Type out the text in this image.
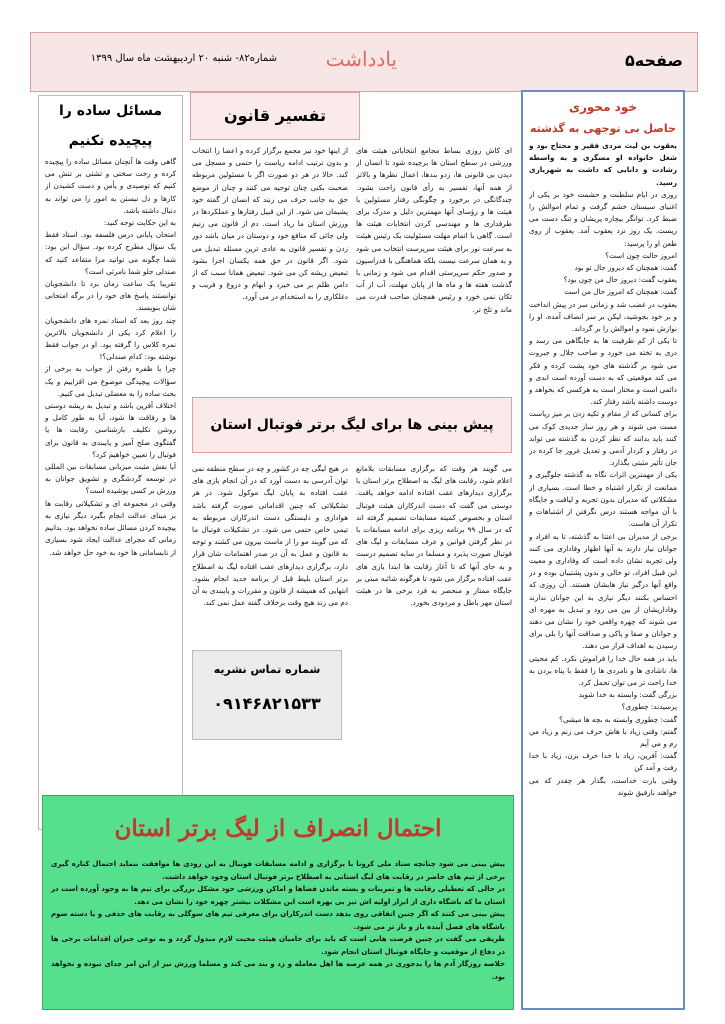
صفحه۵
یادداشت
شماره۸۲- شنبه ۲۰ اردیبهشت ماه سال ۱۳۹۹
مسائل ساده را
پیچیده نکنیم

گاهی وقت ها آنچنان مسائل ساده را پیچیده کرده و رخت سختی و تشتی بر تنش می کنیم که توصیدی و یأس و دست کشیدن از کارها و دل نبستن به امور را می تواند به دنبال داشته باشد.

به این حکایت توجه کنید:

امتحان پایانی درس فلسفه بود. استاد فقط یک سؤال مطرح کرده بود. سؤال این بود: شما چگونه می توانید مرا متقاعد کنید که صندلی جلو شما نامرئی است؟

تقریبا یک ساعت زمان برد تا دانشجویان توانستند پاسخ های خود را در برگه امتحانی شان بنویسند.

چند روز بعد که استاد نمره های دانشجویان را اعلام کرد یکی از دانشجویان بالاترین نمره کلاس را گرفته بود. او در جواب فقط نوشته بود: کدام صندلی؟!

چرا با ظفره رفتن از جواب به برخی از سؤالات پیچیدگی موضوع می افزاییم و یک بحث ساده را به معضلی تبدیل می کنیم.

اختلاف آفرین باشد و تبدیل به ریشه دوستی ها و رفاقت ها شود، آیا به طور کامل و روشن تکلیف بازشناسی رقابت ها یا گفتگوی صلح آمیز و پایبندی به قانون برای فوتبال را تعیین خواهیم کرد؟

آیا نقش مثبت میزبانی مسابقات بین المللی در توسعه گردشگری و تشویق جوانان به ورزش بر کسی پوشیده است؟

وقتی در مجموعه ای و تشکیلاتی رقابت ها بر مبنای عدالت انجام بگیرد دیگر نیازی به پیچیده کردن مسائل ساده نخواهد بود. بدانیم زمانی که مجرای عدالت ایجاد شود بسیاری از نابسامانی ها خود به خود حل خواهد شد.

تفسیر قانون
ای کاش روزی بساط مجامع انتخاباتی هیئت های ورزشی در سطح استان ها برچیده شود تا انسان از دیدن بی قانونی ها، زدو بندها، اعمال نظرها و بالاتر از همه آنها، تفسیر به رأی قانون راحت بشود. چندگانگی در برخورد و چگونگی رفتار مسئولین با هیئت ها و رؤسای آنها مهمترین دلیل و مدرک برای طرفداری ها و مهندسی کردن انتخابات هیئت ها است. گاهی با اتمام مهلت مسئولیت یک رئیس هیئت به سرعت نور برای هیئت سرپرست انتخاب می شود و به همان سرعت نیست بلکه هماهنگی با فدراسیون و صدور حکم سرپرستی اقدام می شود و زمانی با گذشت هفته ها و ماه ها از پایان مهلت، آب از آب تکان نمی خورد و رئیس همچنان صاحب قدرت می ماند و تلخ تر.
از اینها خود نیز مجمع برگزار کرده و اعضا را انتخاب و بدون ترتیب ادامه ریاست را حتمی و مسجل می کند. حالا در هر دو صورت اگر با مسئولین مربوطه صحبت بکنی چنان توجیه می کنند و چنان از موضع حق به جانب حرف می زنند که انسان از گفته خود پشیمان می شود. از این قبیل رفتارها و عملکردها در ورزش استان ما زیاد است. دم از قانون می زنیم ولی جائی که منافع خود و دوستان در میان باشد دور زدن و تفسیر قانون به عادی ترین مسئله تبدیل می شود. اگر قانون در حق همه یکسان اجرا بشود تبعیض ریشه کن می شود. تبعیض همانا سبب که از دامن ظلم بر می خیزد و ابهام و دروغ و فریب و دغلکاری را به استخدام در می آورد.
پیش بینی ها برای لیگ برتر فوتبال استان
می گویند هر وقت که برگزاری مسابقات بلامانع اعلام شود، رقابت های لیگ به اصطلاح برتر استان با برگزاری دیدارهای عقب افتاده ادامه خواهد یافت. دوستی می گفت که دست اندرکاران هیئت فوتبال استان و بخصوص کمیته مسابقات تصمیم گرفته اند که در سال ۹۹ برنامه ریزی برای ادامه مسابقات با در نظر گرفتن قوانین و عرف مسابقات و لیگ های فوتبال صورت پذیرد و مسلما در سایه تصمیم درست و به جای آنها که تا آغاز رقابت ها ابتدا بازی های عقب افتاده برگزار می شود تا هرگونه شائبه مبنی بر جایگاه ممتاز و منحصر به فرد برخی ها در هیئت استان مهر باطل و مردودی بخورد.
در هیچ لیگی چه در کشور و چه در سطح منطقه نمی توان آدرسی به دست آورد که در آن انجام بازی های عقب افتاده به پایان لیگ موکول شود. در هر تشکیلاتی که چنین اقداماتی صورت گرفته باشد هواداری و دلبستگی دست اندرکاران مربوطه به تیمی خاص حتمی می شود. در تشکیلات فوتبال ما که می گویند مو را از ماست بیرون می کشند و توجه به قانون و عمل به آن در صدر اهتمامات شان قرار دارد، برگزاری دیدارهای عقب افتاده لیگ به اصطلاح برتر استان بلیط قبل از برنامه جدید انجام بشود. انتهایی که همیشه از قانون و مقررات و پایبندی به آن دم می زند هیچ وقت برخلاف گفته عمل نمی کند.
شماره تماس نشریه
۰۹۱۴۶۸۲۱۵۳۳
خود محوری
حاصل بی توجهی به گذشته
یعقوب بن لیث مردی فقیر و محتاج بود و شغل خانواده او مسگری و به واسطه رشادت و دانایی که داشت به شهریاری رسید.

روزی در ایام سلطنت و حشمت خود بر یکی از اغنیای سیستان خشم گرفت و تمام اموالش را ضبط کرد. توانگر بیچاره پریشان و تنگ دست می زیست. یک روز نزد یعقوب آمد. یعقوب از روی طعن او را پرسید:

امروز حالت چون است؟

گفت: همچنان که دیروز حال تو بود

یعقوب گفت: دیروز حال من چون بود؟

گفت: همچنان که امروز حال من است

یعقوب در غضب شد و زمانی سر در پیش انداخت و بر خود بجوشید، لیکن بر سر انصاف آمده، او را نوازش نمود و اموالش را بر گرداند.

تا یکی از کم ظرفیت ها به جایگاهی می رسد و دری به تخته می خورد و صاحب جلال و جبروت می شود بر گذشته های خود پشت کرده و فکر می کند موقعیتی که به دست آورده است ابدی و دائمی است و مختار است به هرکسی که بخواهد و دوست داشته باشد رفتار کند.

برای کسانی که از مقام و تکیه زدن بر میز ریاست مست می شوند و هر روز ساز جدیدی کوک می کنند باید بدانند که نظر کردن به گذشته می تواند در رفتار و کردار آدمی و تعدیل غرور جا کرده در جان تأثیر مثبتی بگذارد.

یکی از مهمترین اثرات نگاه به گذشته جلوگیری و ممانعت از تکرار اشتباه و خطا است. بسیاری از مشکلاتی که مدیران بدون تجربه و لیاقت و جایگاه با آن مواجه هستند درس نگرفتن از اشتباهات و تکرار آن هاست.

برخی از مدیران بی اعتنا به گذشته، تا به افراد و جوانان نیاز دارند به آنها اظهار وفاداری می کنند ولی تجربه نشان داده است که وفاداری و معیت این قبیل افراد، تو خالی و بدون پشتیبان بوده و در واقع آنها درگیر نیاز هایشان هستند. آن روزی که احساس بکنند دیگر نیازی به این جوانان ندارند وفاداریشان از بین می رود و تبدیل به مهره ای می شوند که چهره واقعی خود را نشان می دهند و جوانان و صفا و پاکی و صداقت آنها را بلی برای رسیدن به اهداف قرار می دهند.

باید در همه حال خدا را فراموش نکرد. کم محبتی ها، ناشادی ها و نامردی ها را فقط با پناه بردن به خدا راحت تر می توان تحمل کرد.

بزرگی گفت: وابسته به خدا شوید

پرسیدند: چطوری؟

گفت: چطوری وابسته به بچه ها میشی؟

گفتم: وقتی زیاد با هاش حرف می زنم و زیاد مي رم و مي آيم

گفت: آفرین، زیاد با خدا حرف بزن، زیاد با خدا رفت و آمد کن

وقتی بارت خداست، بگذار هر چقدر که می خواهند نارفیق شوند

احتمال انصراف از لیگ برتر استان

پیش بینی می شود چنانچه ستاد ملی کرونا با برگزاری و ادامه مسابقات فوتبال به این زودی ها موافقت ننماید احتمال کناره گیری برخی از تیم های حاضر در رقابت های لیگ استانی به اصطلاح برتر فوتبال استان وجود خواهد داشت.

در حالی که تعطیلی رقابت ها و تمرینات و بسته ماندن فضاها و اماکن ورزشی خود مشکل بزرگی برای تیم ها به وجود آورده است در استان ما که باشگاه داری از ابزار اولیه اش نیز بی بهره است این مشکلات بیشتر چهره خود را نشان می دهد.

پیش بینی می کنند که اگر چنین اتفاقی روی بدهد دست اندرکاران برای معرفی تیم های سوگلی به رقابت های حذفی و یا دسته سوم باشگاه های فصل آینده باز و باز تر می شود.

ظریفی می گفت در چنین فرصت هایی است که باید برای حامیان هیئت محبت لازم مبذول گردد و به نوعی جبران اقدامات برخی ها در دفاع از موقعیت و جایگاه فوتبال استان انجام شود.

خلاصه روزگار آدم ها را بدجوری در همه عرصه ها اهل معامله و زد و بند می کند و مسلما ورزش نیز از این امر جدای نبوده و نخواهد بود.
